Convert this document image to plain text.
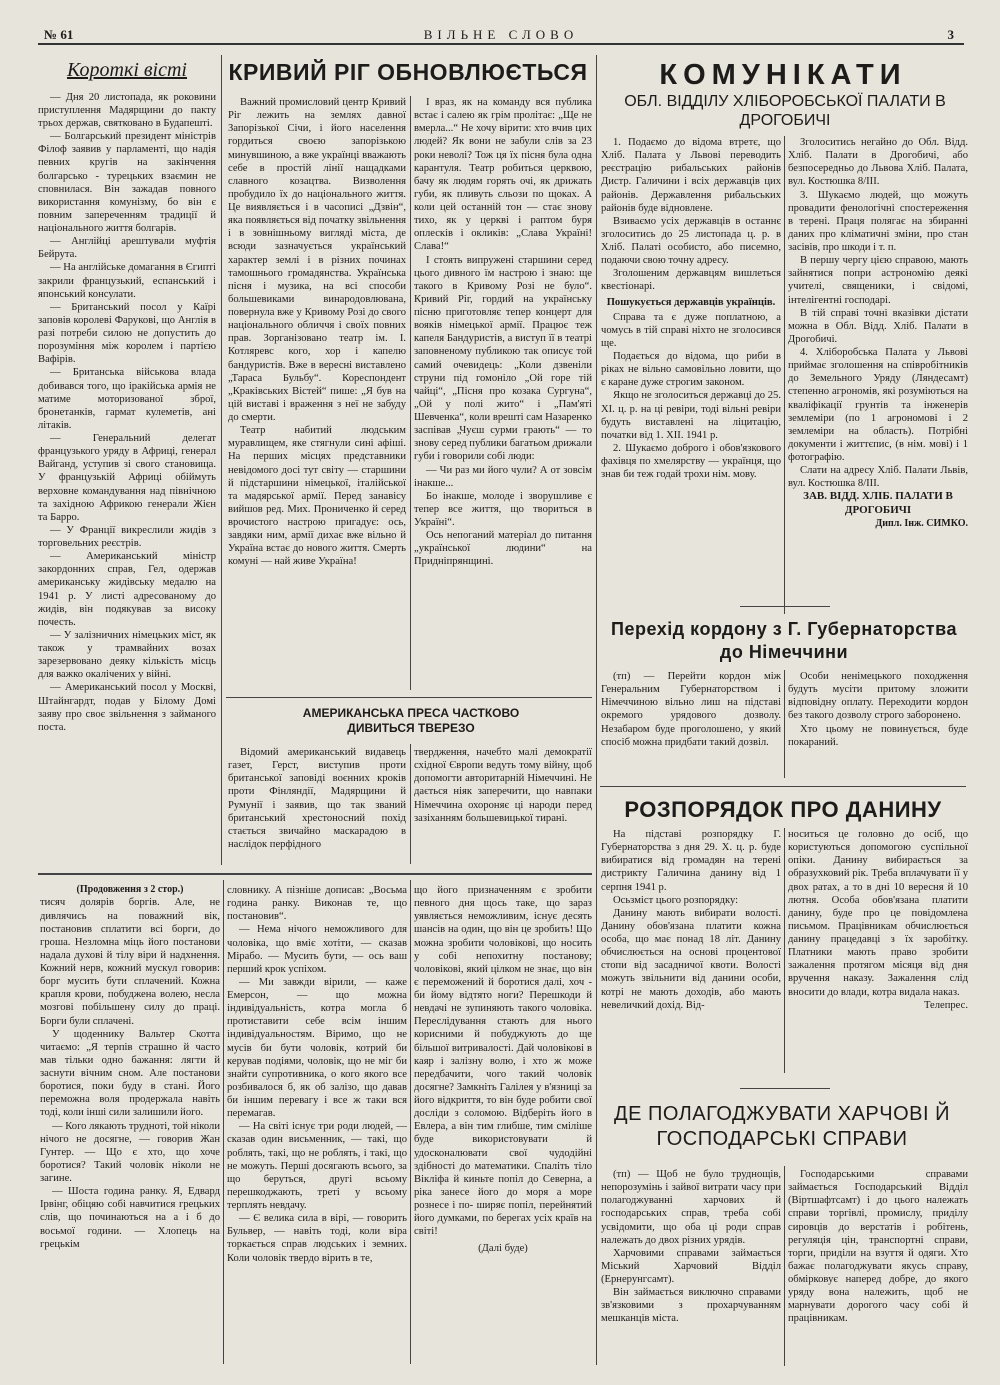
№ 61	ВІЛЬНЕ СЛОВО	3
Короткі вісті

— Дня 20 листопада, як роковини приступлення Мадярщини до пакту трьох держав, святковано в Будапешті.

— Болгарський президент міністрів Філоф заявив у парламенті, що надія певних кругів на закінчення болгарсько - турецьких взаємин не сповнилася. Він зажадав повного використання комунізму, бо він є повним запереченням традиції й національного життя болгарів.

— Англійці арештували муфтія Бейрута.

— На англійське домагання в Єгипті закрили французький, еспанський і японський консулати.

— Британський посол у Каїрі заповів королеві Фарукові, що Англія в разі потреби силою не допустить до порозуміння між королем і партією Вафірів.

— Британська військова влада добивався того, що іракійська армія не матиме моторизованої зброї, бронетанків, гармат кулеметів, ані літаків.

— Генеральний делегат французького уряду в Африці, генерал Вайганд, уступив зі свого становища. У французькій Африці обіймуть верховне командування над північною та західною Африкою генерали Жієн та Барро.

— У Франції викреслили жидів з торговельних реєстрів.

— Американський міністр закордонних справ, Гел, одержав американську жидівську медалю на 1941 р. У листі адресованому до жидів, він подякував за високу почесть.

— У залізничних німецьких міст, як також у трамвайних возах зарезервовано деяку кількість місць для важко окалічених у війні.

— Американський посол у Москві, Штайнгардт, подав у Білому Домі заяву про своє звільнення з займаного поста.

КРИВИЙ РІГ ОБНОВЛЮЄТЬСЯ

Важний промисловий центр Кривий Ріг лежить на землях давної Запорізької Січи, і його населення гордиться своєю запорізькою минувшиною, а вже українці вважають себе в простій лінії нащадками славного козацтва. Визволення пробудило їх до національного життя. Це виявляється і в часописі „Дзвін“, яка появляється від початку звільнення і в зовнішньому вигляді міста, де всюди зазначується український характер землі і в різних починах тамошнього громадянства. Українська пісня і музика, на всі способи большевиками винародовлювана, повернула вже у Кривому Розі до свого національного обличчя і своїх повних прав. Зорганізовано театр ім. І. Котляревс кого, хор і капелю бандуристів. Вже в вересні виставлено „Тараса Бульбу“. Кореспондент „Краківських Вістей“ пише: „Я був на цій виставі і враження з неї не забуду до смерти.

Театр набитий людським муравлищем, яке стягнули сині афіші. На перших місцях представники невідомого досі тут світу — старшини й підстаршини німецької, італійської та мадярської армії. Перед занавісу вийшов ред. Мих. Прониченко й серед врочистого настрою пригадує: ось, завдяки ним, армії дихає вже вільно й Україна встає до нового життя. Смерть комуні — най живе Україна!

І враз, як на команду вся публика встає і салею як грім пролітає: „Ще не вмерла...“ Не хочу вірити: хто вчив цих людей? Як вони не забули слів за 23 роки неволі? Тож ця їх пісня була одна карантуля. Театр робиться церквою, бачу як людям горять очі, як дрижать губи, як пливуть сльози по щоках. А коли цей останній тон — стає знову тихо, як у церкві і раптом буря оплесків і окликів: „Слава Україні! Слава!“

І стоять випружені старшини серед цього дивного їм настрою і знаю: ще такого в Кривому Розі не було“. Кривий Ріг, гордий на українську пісню приготовляє тепер концерт для вояків німецької армії. Працює теж капеля Бандуристів, а виступ її в театрі заповненому публикою так описує той самий очевидець: „Коли дзвеніли струни під гомоніло „Ой горе тій чайці“, „Пісня про козака Сургуна“, „Ой у полі жито“ і „Пам'яті Шевченка“, коли врешті сам Назаренко заспівав „Чуєш сурми грають“ — то знову серед публики багатьом дрижали губи і говорили собі люди:

— Чи раз ми його чули? А от зовсім інакше...

Бо інакше, молоде і зворушливе є тепер все життя, що твориться в Україні“.

Ось непоганий матеріал до питання „української людини“ на Придніпрянщині.

АМЕРИКАНСЬКА ПРЕСА ЧАСТКОВО ДИВИТЬСЯ ТВЕРЕЗО

Відомий американський видавець газет, Герст, виступив проти британської заповіді воєнних кроків проти Фінляндії, Мадярщини й Румунії і заявив, що так званий британський хрестоносний похід стається звичайно маскарадою в наслідок перфідного

твердження, начебто малі демократії східної Європи ведуть тому війну, щоб допомогти авторитарній Німеччині. Не дається ніяк заперечити, що навпаки Німеччина охороняє ці народи перед зазіханням большевицької тирані.

КОМУНІКАТИ
ОБЛ. ВІДДІЛУ ХЛІБОРОБСЬКОЇ ПАЛАТИ В ДРОГОБИЧІ

1. Подаємо до відома втретє, що Хліб. Палата у Львові переводить реєстрацію рибальських районів Дистр. Галичини і всіх державців цих районів. Державлення рибальських районів буде відновлене.

Взиваємо усіх державців в останнє зголоситись до 25 листопада ц. р. в Хліб. Палаті особисто, або писемно, подаючи свою точну адресу.

Зголошеним державцям вишлеться квестіонарі.

Пошукується державців українців.

Справа та є дуже поплатною, а чомусь в тій справі ніхто не зголосився ще.

Подається до відома, що риби в ріках не вільно самовільно ловити, що є каране дуже строгим законом.

Якщо не зголоситься державці до 25. XI. ц. р. на ці ревіри, тоді вільні ревіри будуть виставлені на ліцитацію, початки від 1. XII. 1941 р.

2. Шукаємо доброго і обов'язкового фахівця по хмелярству — українця, що знав би теж годай трохи нім. мову.

Зголоситись негайно до Обл. Відд. Хліб. Палати в Дрогобичі, або безпосередньо до Львова Хліб. Палата, вул. Костюшка 8/ІІІ.

3. Шукаємо людей, що можуть провадити фенологічні спостереження в терені. Праця полягає на збиранні даних про кліматичні зміни, про стан засівів, про шкоди і т. п.

В першу чергу цією справою, мають зайнятися попри астрономію деякі учителі, священики, і свідомі, інтелігентні господарі.

В тій справі точні вказівки дістати можна в Обл. Відд. Хліб. Палати в Дрогобичі.

4. Хліборобська Палата у Львові приймає зголошення на співробітників до Земельного Уряду (Ляндесамт) степенно агрономів, які розуміються на кваліфікації грунтів та інженерів землеміри (по 1 агрономові і 2 землеміри на область). Потрібні документи і життєпис, (в нім. мові) і 1 фотографію.

Слати на адресу Хліб. Палати Львів, вул. Костюшка 8/ІІІ.

ЗАВ. ВІДД. ХЛІБ. ПАЛАТИ В ДРОГОБИЧІ
Дипл. Інж. СИМКО.
Перехід кордону з Г. Губернаторства до Німеччини

(тп) — Перейти кордон між Генеральним Губернаторством і Німеччиною вільно лиш на підставі окремого урядового дозволу. Незабаром буде проголошено, у який спосіб можна придбати такий дозвіл.

Особи ненімецького походження будуть мусіти притому зложити відповідну оплату. Переходити кордон без такого дозволу строго заборонено.

Хто цьому не повинується, буде покараний.

РОЗПОРЯДОК ПРО ДАНИНУ

На підставі розпорядку Г. Губернаторства з дня 29. Х. ц. р. буде вибиратися від громадян на терені дистрикту Галичина данину від 1 серпня 1941 р.

Осьзміст цього розпорядку:

Данину мають вибирати волості. Данину обов'язана платити кожна особа, що має понад 18 літ. Данину обчислюється на основі процентової стопи від засадничої квоти. Волості можуть звільнити від данини особи, котрі не мають доходів, або мають невеличкий дохід. Від-

носиться це головно до осіб, що користуються допомогою суспільної опіки. Данину вибирається за образухковий рік. Треба вплачувати її у двох ратах, а то в дні 10 вересня й 10 лютня. Особа обов'язана платити данину, буде про це повідомлена письмом. Працівникам обчислюється данину працедавці з їх заробітку. Платники мають право зробити зажалення протягом місяця від дня вручення наказу. Зажалення слід вносити до влади, котра видала наказ.

Телепрес.
ДЕ ПОЛАГОДЖУВАТИ ХАРЧОВІ Й ГОСПОДАРСЬКІ СПРАВИ

(тп) — Щоб не було труднощів, непорозумінь і зайвої витрати часу при полагоджуванні харчових й господарських справ, треба собі усвідомити, що оба ці роди справ належать до двох різних урядів.

Харчовими справами займається Міський Харчовий Відділ (Ернерунгсамт).

Він займається виключно справами зв'язковими з прохарчуванням мешканців міста.

Господарськими справами займається Господарський Відділ (Віртшафтсамт) і до цього належать справи торгівлі, промислу, приділу сировців до верстатів і робітень, регуляція цін, транспортні справи, торги, приділи на взуття й одяги. Хто бажає полагоджувати якусь справу, обмірковує наперед добре, до якого уряду вона належить, щоб не марнувати дорогого часу собі й працівникам.

(Продовження з 2 стор.)

тисяч долярів боргів. Але, не дивлячись на поважний вік, постановив сплатити всі борги, до гроша. Незломна міць його постанови надала духові й тілу віри й надхнення. Кожний нерв, кожний мускул говорив: борг мусить бути сплачений. Кожна крапля крови, побуджена волею, несла мозгові побільшену силу до праці. Борги були сплачені.

У щоденнику Вальтер Скотта читаємо: „Я терпів страшно й часто мав тільки одно бажання: лягти й заснути вічним сном. Але постанови боротися, поки буду в стані. Його переможна воля продержала навіть тоді, коли інші сили залишили його.

— Кого лякають трудноті, той ніколи нічого не досягне, — говорив Жан Гунтер. — Що є хто, що хоче боротися? Такий чоловік ніколи не загине.

— Шоста година ранку. Я, Едвард Ірвінг, обіцяю собі навчитися грецьких слів, що починаються на а і б до восьмої години. — Хлопець на грецькім

словнику. А пізніше дописав: „Восьма година ранку. Виконав те, що постановив“.

— Нема нічого неможливого для чоловіка, що вміє хотіти, — сказав Мірабо. — Мусить бути, — ось ваш перший крок успіхом.

— Ми завжди вірили, — каже Емерсон, — що можна індивідуальність, котра могла б протиставити себе всім іншим індивідуальностям. Віримо, що не мусів би бути чоловік, котрий би керував подіями, чоловік, що не міг би знайти супротивника, о кого якого все розбивалося б, як об залізо, що давав би іншим перевагу і все ж таки вся перемагав.

— На світі існує три роди людей, — сказав один висьменник, — такі, що роблять, такі, що не роблять, і такі, що не можуть. Перші досягають всього, за що беруться, другі всьому перешкоджають, треті у всьому терплять невдачу.

— Є велика сила в вірі, — говорить Бульвер, — навіть тоді, коли віра торкається справ людських і земних. Коли чоловік твердо вірить в те,

що його призначенням є зробити певного дня щось таке, що зараз уявляється неможливим, існує десять шансів на один, що він це зробить! Що можна зробити чоловікові, що носить у собі непохитну постанову; чоловікові, який цілком не знає, що він є переможений й боротися далі, хоч - би йому відтято ноги? Перешкоди й невдачі не зупиняють такого чоловіка. Переслідування стають для нього корисними й побуджують до ще більшої витривалості. Дай чоловікові в каяр і залізну волю, і хто ж може передбачити, чого такий чоловік досягне? Замкніть Галілея у в'язниці за його відкриття, то він буде робити свої досліди з соломою. Відберіть його в Евлера, а він тим глибше, тим сміліше буде використовувати й удосконалювати свої чудодійні здібності до математики. Спаліть тіло Вікліфа й киньте попіл до Северна, а ріка занесе його до моря а море рознесе і по- ширяє попіл, перейнятий його думками, по берегах усіх країв на світі!

(Далі буде)
